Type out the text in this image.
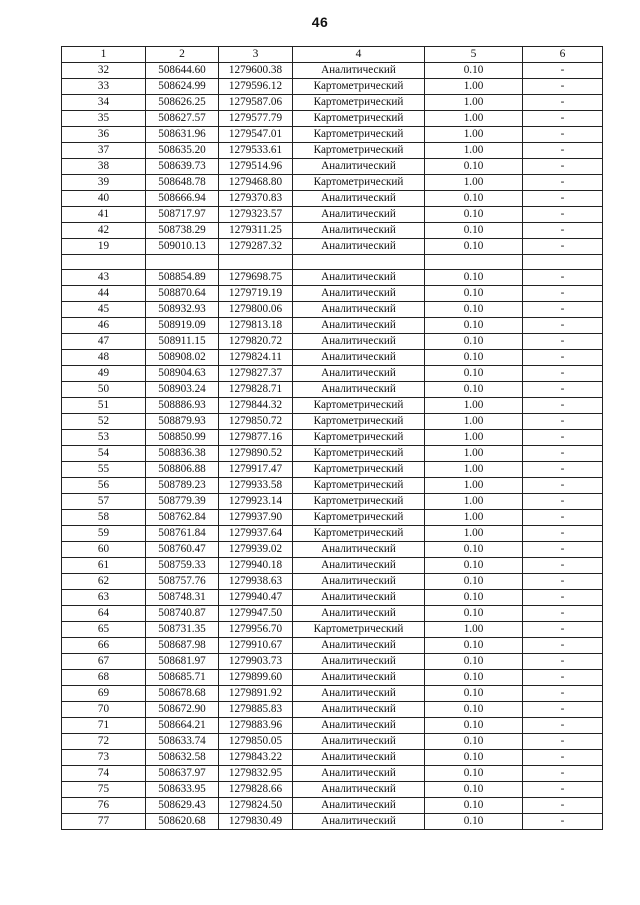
46
1	2	3	4	5	6
32	508644.60	1279600.38	Аналитический	0.10	-
33	508624.99	1279596.12	Картометрический	1.00	-
34	508626.25	1279587.06	Картометрический	1.00	-
35	508627.57	1279577.79	Картометрический	1.00	-
36	508631.96	1279547.01	Картометрический	1.00	-
37	508635.20	1279533.61	Картометрический	1.00	-
38	508639.73	1279514.96	Аналитический	0.10	-
39	508648.78	1279468.80	Картометрический	1.00	-
40	508666.94	1279370.83	Аналитический	0.10	-
41	508717.97	1279323.57	Аналитический	0.10	-
42	508738.29	1279311.25	Аналитический	0.10	-
19	509010.13	1279287.32	Аналитический	0.10	-

43	508854.89	1279698.75	Аналитический	0.10	-
44	508870.64	1279719.19	Аналитический	0.10	-
45	508932.93	1279800.06	Аналитический	0.10	-
46	508919.09	1279813.18	Аналитический	0.10	-
47	508911.15	1279820.72	Аналитический	0.10	-
48	508908.02	1279824.11	Аналитический	0.10	-
49	508904.63	1279827.37	Аналитический	0.10	-
50	508903.24	1279828.71	Аналитический	0.10	-
51	508886.93	1279844.32	Картометрический	1.00	-
52	508879.93	1279850.72	Картометрический	1.00	-
53	508850.99	1279877.16	Картометрический	1.00	-
54	508836.38	1279890.52	Картометрический	1.00	-
55	508806.88	1279917.47	Картометрический	1.00	-
56	508789.23	1279933.58	Картометрический	1.00	-
57	508779.39	1279923.14	Картометрический	1.00	-
58	508762.84	1279937.90	Картометрический	1.00	-
59	508761.84	1279937.64	Картометрический	1.00	-
60	508760.47	1279939.02	Аналитический	0.10	-
61	508759.33	1279940.18	Аналитический	0.10	-
62	508757.76	1279938.63	Аналитический	0.10	-
63	508748.31	1279940.47	Аналитический	0.10	-
64	508740.87	1279947.50	Аналитический	0.10	-
65	508731.35	1279956.70	Картометрический	1.00	-
66	508687.98	1279910.67	Аналитический	0.10	-
67	508681.97	1279903.73	Аналитический	0.10	-
68	508685.71	1279899.60	Аналитический	0.10	-
69	508678.68	1279891.92	Аналитический	0.10	-
70	508672.90	1279885.83	Аналитический	0.10	-
71	508664.21	1279883.96	Аналитический	0.10	-
72	508633.74	1279850.05	Аналитический	0.10	-
73	508632.58	1279843.22	Аналитический	0.10	-
74	508637.97	1279832.95	Аналитический	0.10	-
75	508633.95	1279828.66	Аналитический	0.10	-
76	508629.43	1279824.50	Аналитический	0.10	-
77	508620.68	1279830.49	Аналитический	0.10	-
